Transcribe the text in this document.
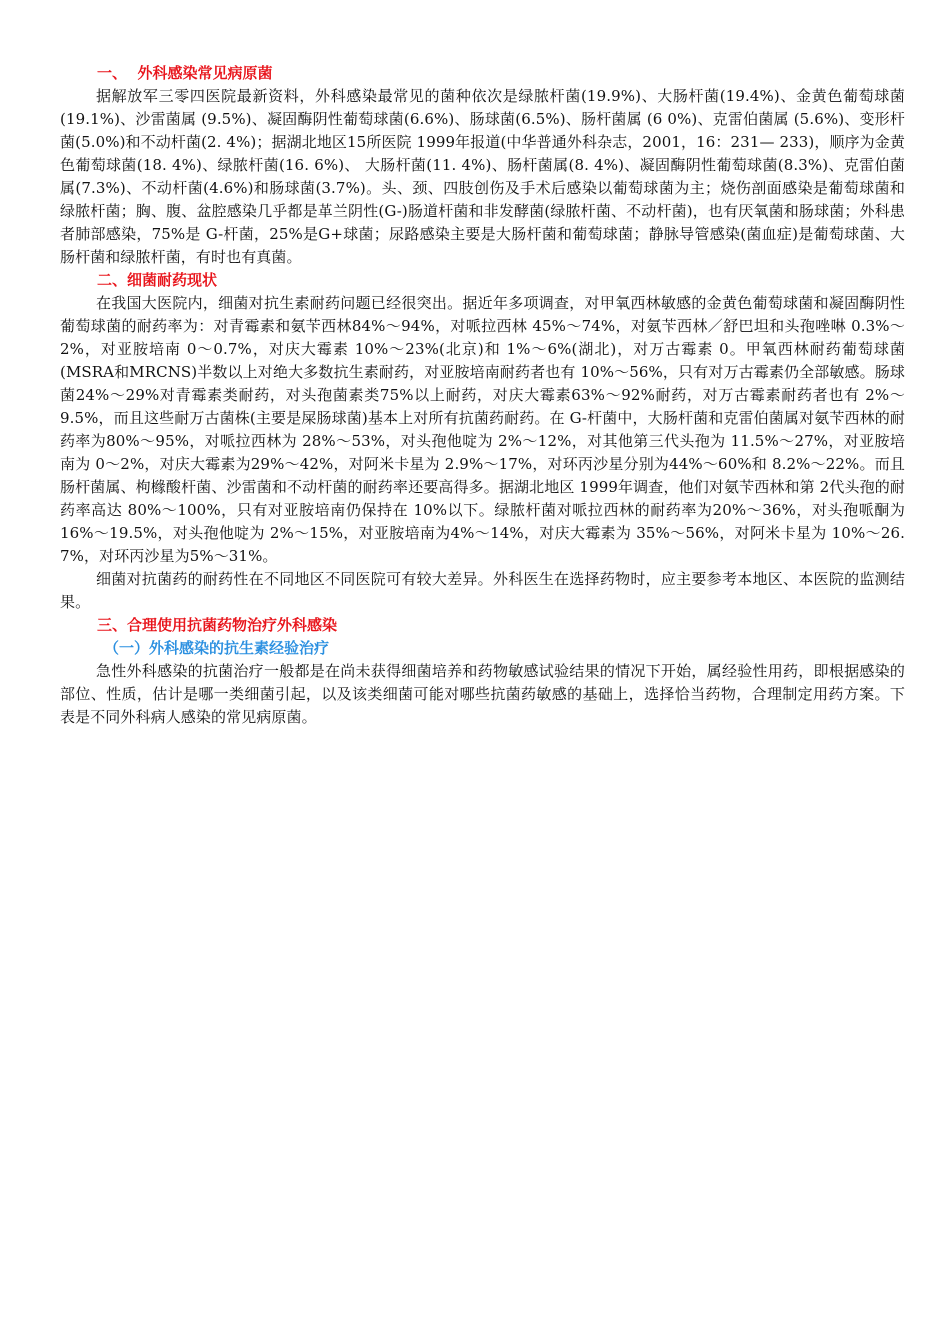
一、  外科感染常见病原菌

据解放军三零四医院最新资料，外科感染最常见的菌种依次是绿脓杆菌(19.9%)、大肠杆菌(19.4%)、金黄色葡萄球菌(19.1%)、沙雷菌属 (9.5%)、凝固酶阴性葡萄球菌(6.6%)、肠球菌(6.5%)、肠杆菌属 (6 0%)、克雷伯菌属 (5.6%)、变形杆菌(5.0%)和不动杆菌(2. 4%)；据湖北地区15所医院 1999年报道(中华普通外科杂志，2001，16：231— 233)，顺序为金黄色葡萄球菌(18. 4%)、绿脓杆菌(16. 6%)、 大肠杆菌(11. 4%)、肠杆菌属(8. 4%)、凝固酶阴性葡萄球菌(8.3%)、克雷伯菌属(7.3%)、不动杆菌(4.6%)和肠球菌(3.7%)。头、颈、四肢创伤及手术后感染以葡萄球菌为主；烧伤剖面感染是葡萄球菌和绿脓杆菌；胸、腹、盆腔感染几乎都是革兰阴性(G-)肠道杆菌和非发酵菌(绿脓杆菌、不动杆菌)，也有厌氧菌和肠球菌；外科患者肺部感染，75%是 G-杆菌，25%是G+球菌；尿路感染主要是大肠杆菌和葡萄球菌；静脉导管感染(菌血症)是葡萄球菌、大肠杆菌和绿脓杆菌，有时也有真菌。

二、细菌耐药现状

在我国大医院内，细菌对抗生素耐药问题已经很突出。据近年多项调查，对甲氧西林敏感的金黄色葡萄球菌和凝固酶阴性葡萄球菌的耐药率为：对青霉素和氨苄西林84%～94%，对哌拉西林 45%～74%，对氨苄西林／舒巴坦和头孢唑啉 0.3%～ 2%，对亚胺培南 0～0.7%，对庆大霉素 10%～23%(北京)和 1%～6%(湖北)，对万古霉素 0。甲氧西林耐药葡萄球菌(MSRA和MRCNS)半数以上对绝大多数抗生素耐药，对亚胺培南耐药者也有 10%～56%，只有对万古霉素仍全部敏感。肠球菌24%～29%对青霉素类耐药，对头孢菌素类75%以上耐药，对庆大霉素63%～92%耐药，对万古霉素耐药者也有 2%～9.5%，而且这些耐万古菌株(主要是屎肠球菌)基本上对所有抗菌药耐药。在 G-杆菌中，大肠杆菌和克雷伯菌属对氨苄西林的耐药率为80%～95%，对哌拉西林为 28%～53%，对头孢他啶为 2%～12%，对其他第三代头孢为 11.5%～27%，对亚胺培南为 0～2%，对庆大霉素为29%～42%，对阿米卡星为 2.9%～17%，对环丙沙星分别为44%～60%和 8.2%～22%。而且肠杆菌属、枸橼酸杆菌、沙雷菌和不动杆菌的耐药率还要高得多。据湖北地区 1999年调查，他们对氨苄西林和第 2代头孢的耐药率高达 80%～100%，只有对亚胺培南仍保持在 10%以下。绿脓杆菌对哌拉西林的耐药率为20%～36%，对头孢哌酮为 16%～19.5%，对头孢他啶为 2%～15%，对亚胺培南为4%～14%，对庆大霉素为 35%～56%，对阿米卡星为 10%～26. 7%，对环丙沙星为5%～31%。

细菌对抗菌药的耐药性在不同地区不同医院可有较大差异。外科医生在选择药物时，应主要参考本地区、本医院的监测结果。

三、合理使用抗菌药物治疗外科感染
（一）外科感染的抗生素经验治疗

急性外科感染的抗菌治疗一般都是在尚未获得细菌培养和药物敏感试验结果的情况下开始，属经验性用药，即根据感染的部位、性质，估计是哪一类细菌引起，以及该类细菌可能对哪些抗菌药敏感的基础上，选择恰当药物，合理制定用药方案。下表是不同外科病人感染的常见病原菌。
